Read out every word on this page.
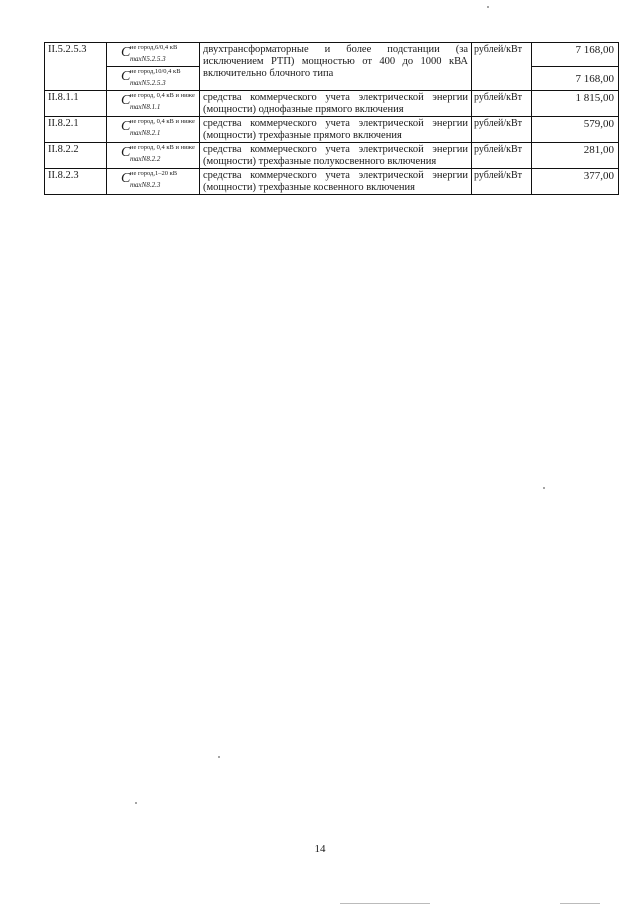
II.5.2.5.3	C не город,6/0,4 кВ
maxN5.2.5.3	двухтрансформаторные и более подстанции (за
исключением РТП) мощностью от 400 до 1000 кВА
включительно блочного типа	рублей/кВт	7 168,00

	C не город,10/0,4 кВ
maxN5.2.5.3			7 168,00
II.8.1.1	C не город, 0,4 кВ и ниже
maxN8.1.1	средства коммерческого учета электрической энергии
(мощности) однофазные прямого включения	рублей/кВт	1 815,00
II.8.2.1	C не город, 0,4 кВ и ниже
maxN8.2.1	средства коммерческого учета электрической энергии
(мощности) трехфазные прямого включения	рублей/кВт	579,00
II.8.2.2	C не город, 0,4 кВ и ниже
maxN8.2.2	средства коммерческого учета электрической энергии
(мощности) трехфазные полукосвенного включения	рублей/кВт	281,00
II.8.2.3	C не город,1–20 кВ
maxN8.2.3	средства коммерческого учета электрической энергии
(мощности) трехфазные косвенного включения	рублей/кВт	377,00
14
